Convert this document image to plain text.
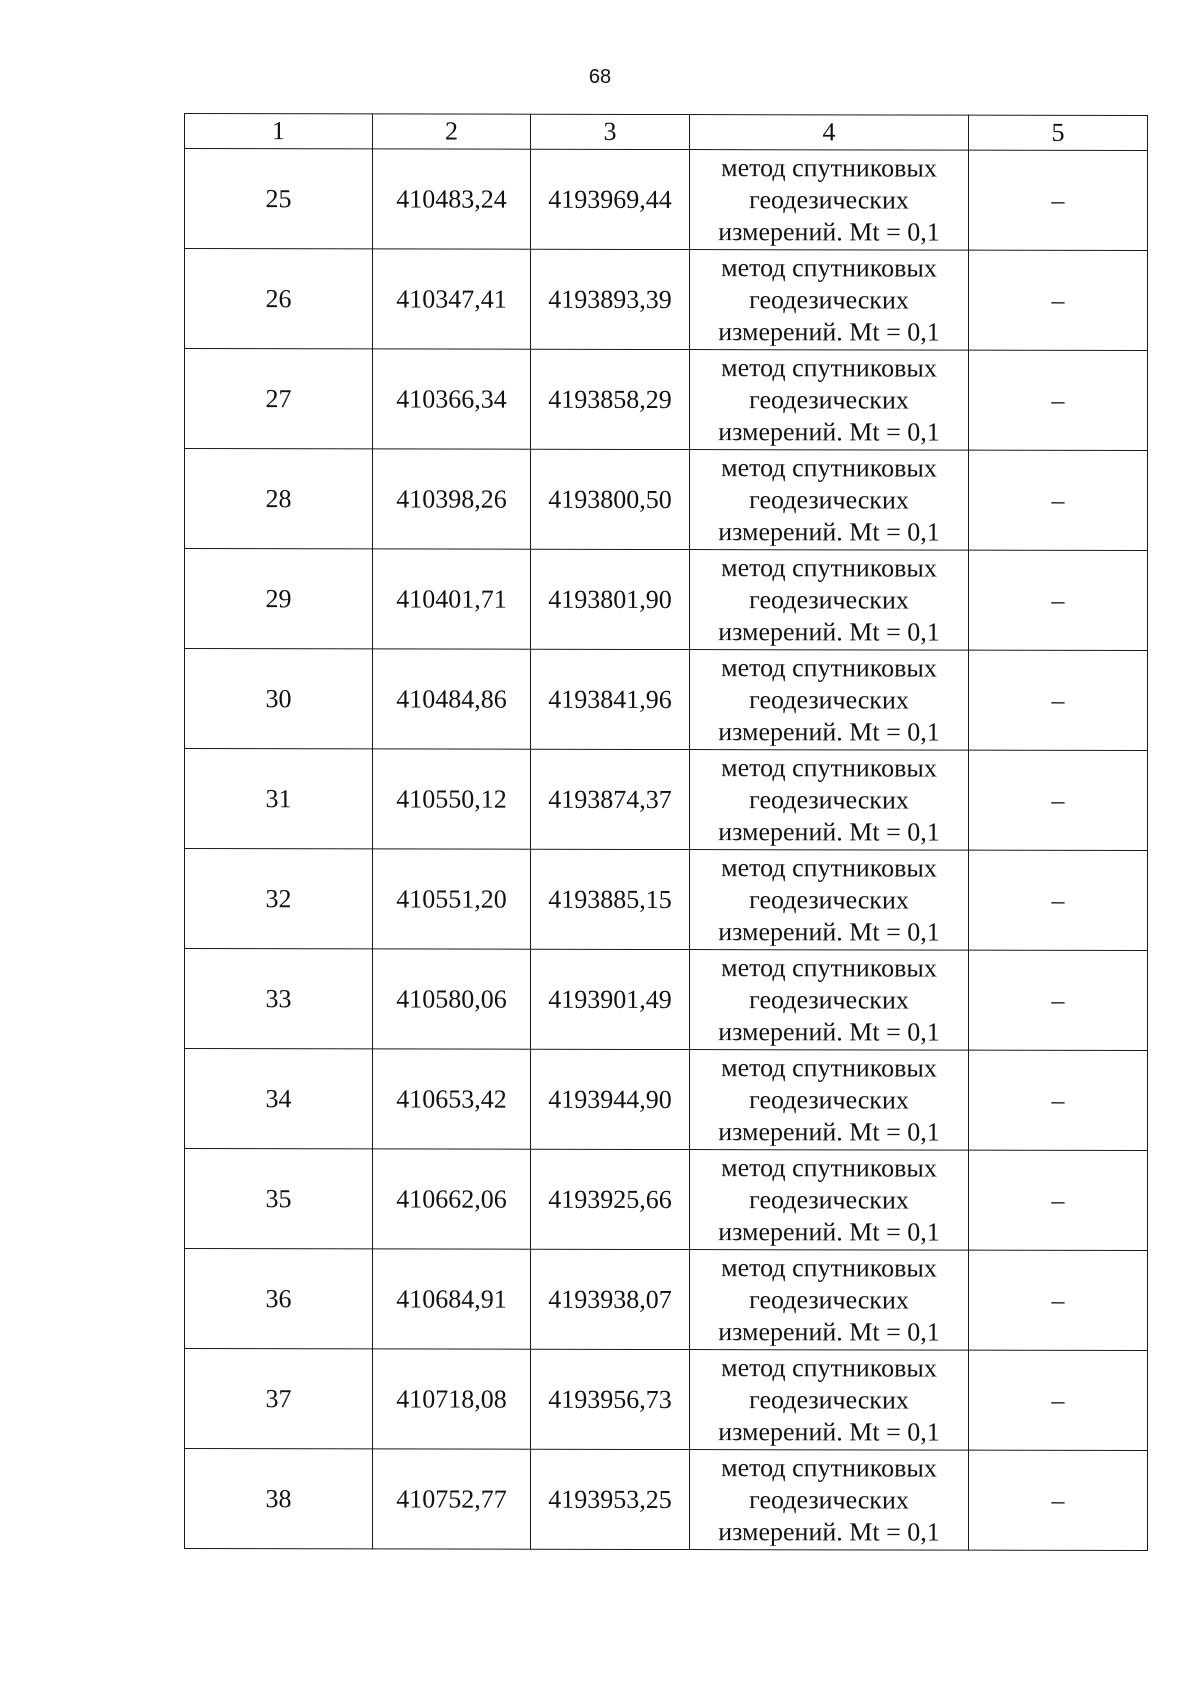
68
1	2	3	4	5
25	410483,24	4193969,44	метод спутниковых
геодезических
измерений. Mt = 0,1	–
26	410347,41	4193893,39	метод спутниковых
геодезических
измерений. Mt = 0,1	–
27	410366,34	4193858,29	метод спутниковых
геодезических
измерений. Mt = 0,1	–
28	410398,26	4193800,50	метод спутниковых
геодезических
измерений. Mt = 0,1	–
29	410401,71	4193801,90	метод спутниковых
геодезических
измерений. Mt = 0,1	–
30	410484,86	4193841,96	метод спутниковых
геодезических
измерений. Mt = 0,1	–
31	410550,12	4193874,37	метод спутниковых
геодезических
измерений. Mt = 0,1	–
32	410551,20	4193885,15	метод спутниковых
геодезических
измерений. Mt = 0,1	–
33	410580,06	4193901,49	метод спутниковых
геодезических
измерений. Mt = 0,1	–
34	410653,42	4193944,90	метод спутниковых
геодезических
измерений. Mt = 0,1	–
35	410662,06	4193925,66	метод спутниковых
геодезических
измерений. Mt = 0,1	–
36	410684,91	4193938,07	метод спутниковых
геодезических
измерений. Mt = 0,1	–
37	410718,08	4193956,73	метод спутниковых
геодезических
измерений. Mt = 0,1	–
38	410752,77	4193953,25	метод спутниковых
геодезических
измерений. Mt = 0,1	–
